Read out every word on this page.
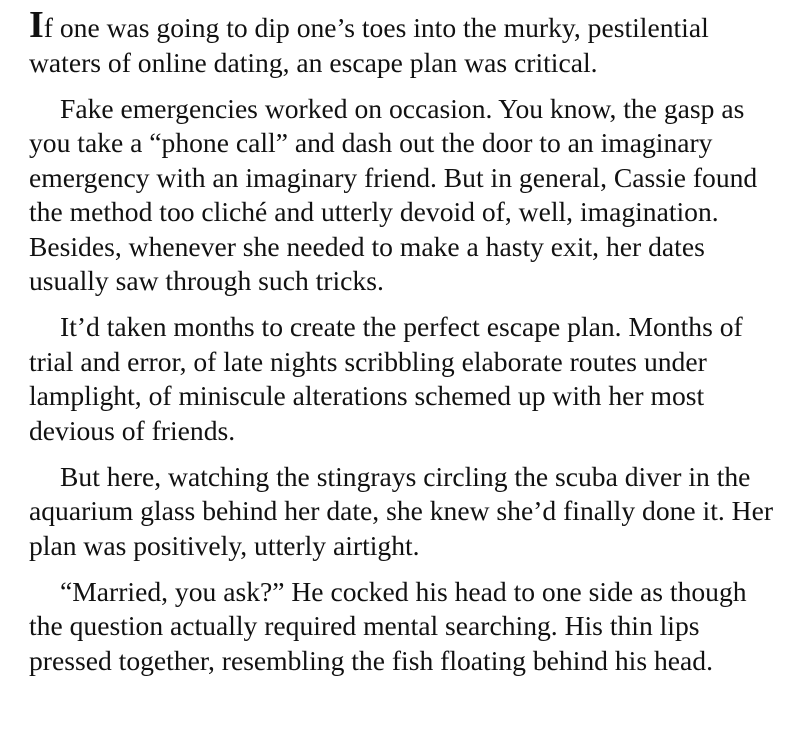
If one was going to dip one’s toes into the murky, pestilential waters of online dating, an escape plan was critical.

Fake emergencies worked on occasion. You know, the gasp as you take a “phone call” and dash out the door to an imaginary emergency with an imaginary friend. But in general, Cassie found the method too cliché and utterly devoid of, well, imagination. Besides, whenever she needed to make a hasty exit, her dates usually saw through such tricks.

It’d taken months to create the perfect escape plan. Months of trial and error, of late nights scribbling elaborate routes under lamplight, of miniscule alterations schemed up with her most devious of friends.

But here, watching the stingrays circling the scuba diver in the aquarium glass behind her date, she knew she’d finally done it. Her plan was positively, utterly airtight.

“Married, you ask?” He cocked his head to one side as though the question actually required mental searching. His thin lips pressed together, resembling the fish floating behind his head.
